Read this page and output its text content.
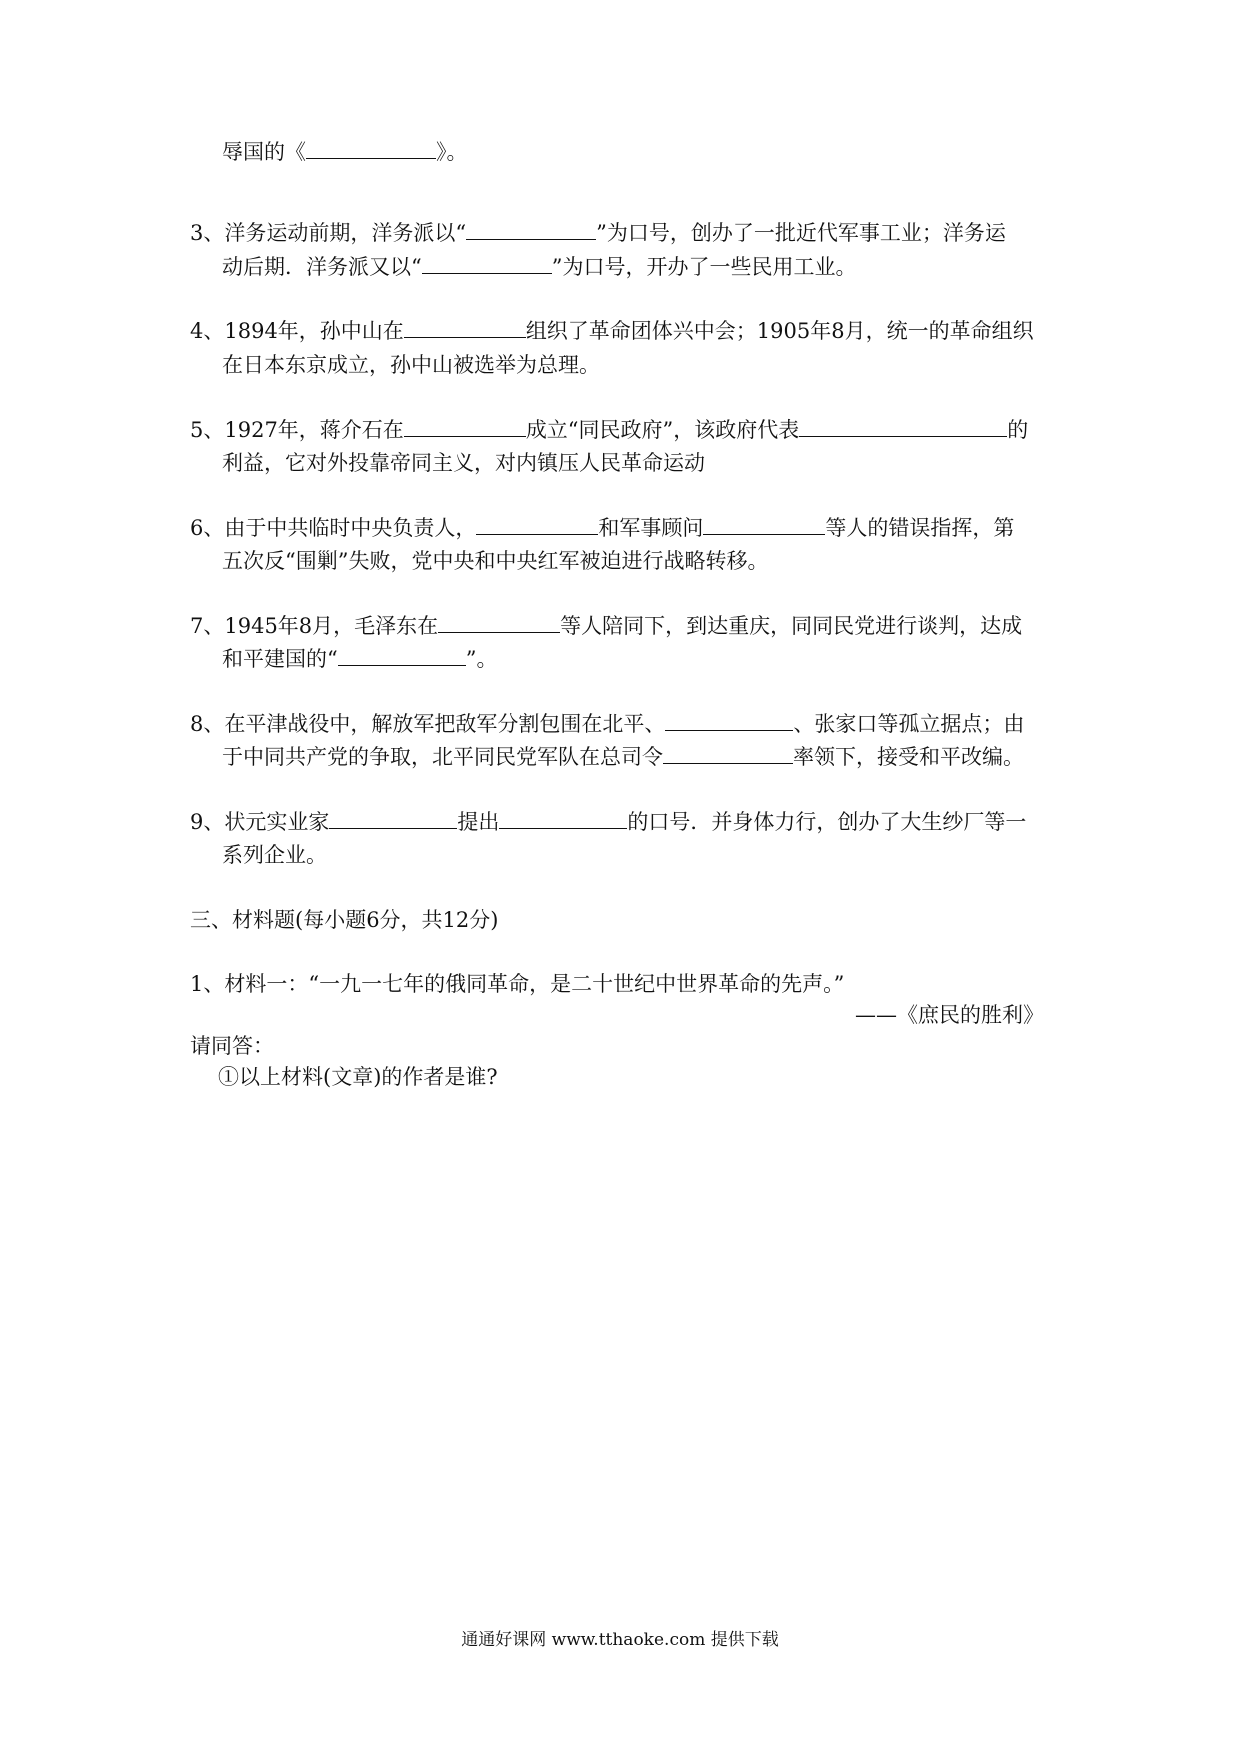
辱国的《	》。
3、洋务运动前期，洋务派以“	”为口号，创办了一批近代军事工业；洋务运
动后期．洋务派又以“	”为口号，开办了一些民用工业。
4、1894年，孙中山在	组织了革命团体兴中会；1905年8月，统一的革命组织
在日本东京成立，孙中山被选举为总理。
5、1927年，蒋介石在	成立“同民政府”，该政府代表	的
利益，它对外投靠帝同主义，对内镇压人民革命运动
6、由于中共临时中央负责人，	和军事顾问	等人的错误指挥，第
五次反“围剿”失败，党中央和中央红军被迫进行战略转移。
7、1945年8月，毛泽东在	等人陪同下，到达重庆，同同民党进行谈判，达成
和平建国的“	”。
8、在平津战役中，解放军把敌军分割包围在北平、	、张家口等孤立据点；由
于中同共产党的争取，北平同民党军队在总司令	率领下，接受和平改编。
9、状元实业家	提出	的口号．并身体力行，创办了大生纱厂等一
系列企业。
三、材料题(每小题6分，共12分)
1、材料一：“一九一七年的俄同革命，是二十世纪中世界革命的先声。”
——《庶民的胜利》
请同答：
①以上材料(文章)的作者是谁?
通通好课网 www.tthaoke.com 提供下载
